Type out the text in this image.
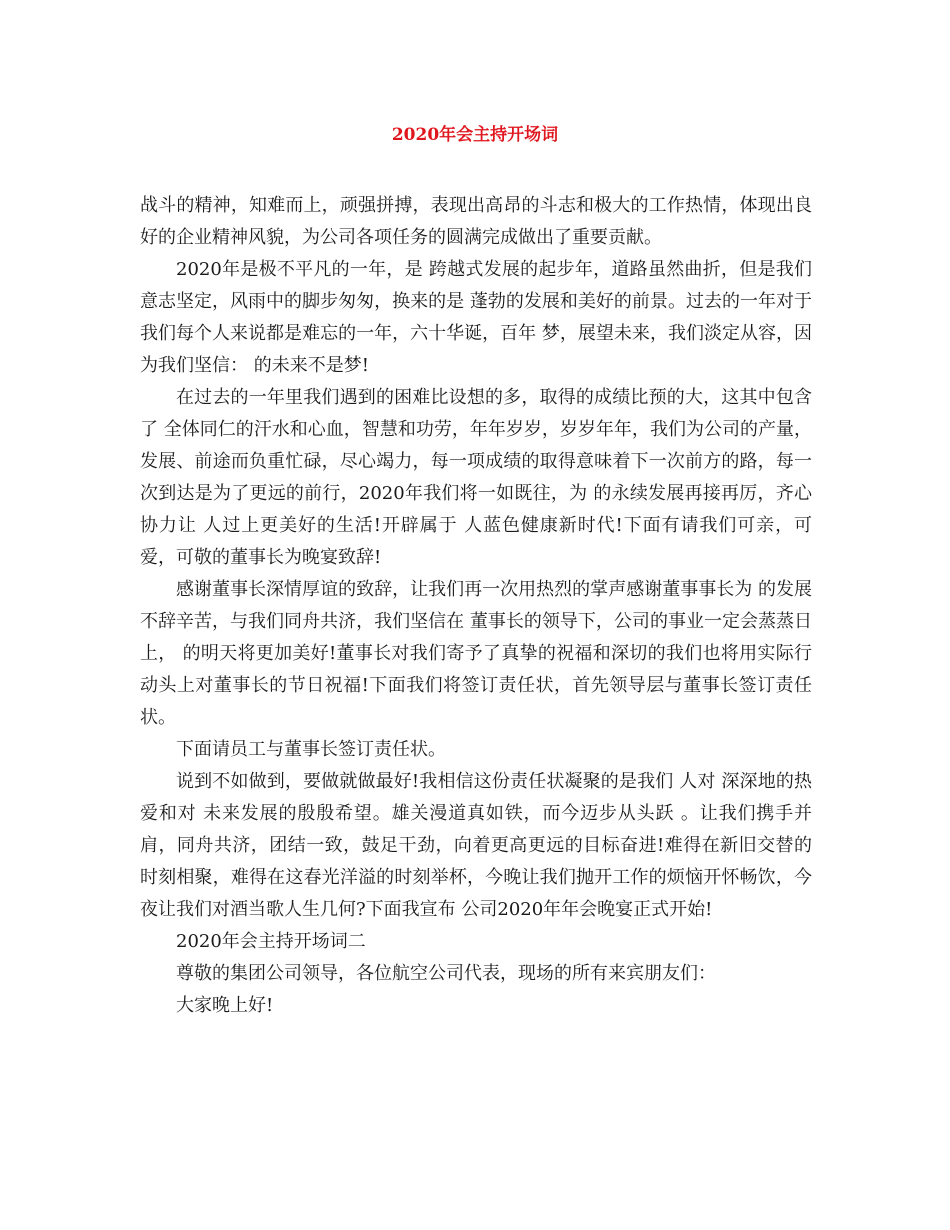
2020年会主持开场词

战斗的精神，知难而上，顽强拼搏，表现出高昂的斗志和极大的工作热情，体现出良好的企业精神风貌，为公司各项任务的圆满完成做出了重要贡献。

2020年是极不平凡的一年，是 跨越式发展的起步年，道路虽然曲折，但是我们意志坚定，风雨中的脚步匆匆，换来的是 蓬勃的发展和美好的前景。过去的一年对于我们每个人来说都是难忘的一年，六十华诞，百年 梦，展望未来，我们淡定从容，因为我们坚信： 的未来不是梦!

在过去的一年里我们遇到的困难比设想的多，取得的成绩比预的大，这其中包含了 全体同仁的汗水和心血，智慧和功劳，年年岁岁，岁岁年年，我们为公司的产量，发展、前途而负重忙碌，尽心竭力，每一项成绩的取得意味着下一次前方的路，每一次到达是为了更远的前行，2020年我们将一如既往，为 的永续发展再接再厉，齐心协力让 人过上更美好的生活!开辟属于 人蓝色健康新时代!下面有请我们可亲，可爱，可敬的董事长为晚宴致辞!

感谢董事长深情厚谊的致辞，让我们再一次用热烈的掌声感谢董事事长为 的发展不辞辛苦，与我们同舟共济，我们坚信在 董事长的领导下，公司的事业一定会蒸蒸日上， 的明天将更加美好!董事长对我们寄予了真挚的祝福和深切的我们也将用实际行动头上对董事长的节日祝福!下面我们将签订责任状，首先领导层与董事长签订责任状。

下面请员工与董事长签订责任状。

说到不如做到，要做就做最好!我相信这份责任状凝聚的是我们 人对 深深地的热爱和对 未来发展的殷殷希望。雄关漫道真如铁，而今迈步从头跃 。让我们携手并肩，同舟共济，团结一致，鼓足干劲，向着更高更远的目标奋进!难得在新旧交替的时刻相聚，难得在这春光洋溢的时刻举杯，今晚让我们抛开工作的烦恼开怀畅饮，今夜让我们对酒当歌人生几何?下面我宣布 公司2020年年会晚宴正式开始!

2020年会主持开场词二

尊敬的集团公司领导，各位航空公司代表，现场的所有来宾朋友们：

大家晚上好!
